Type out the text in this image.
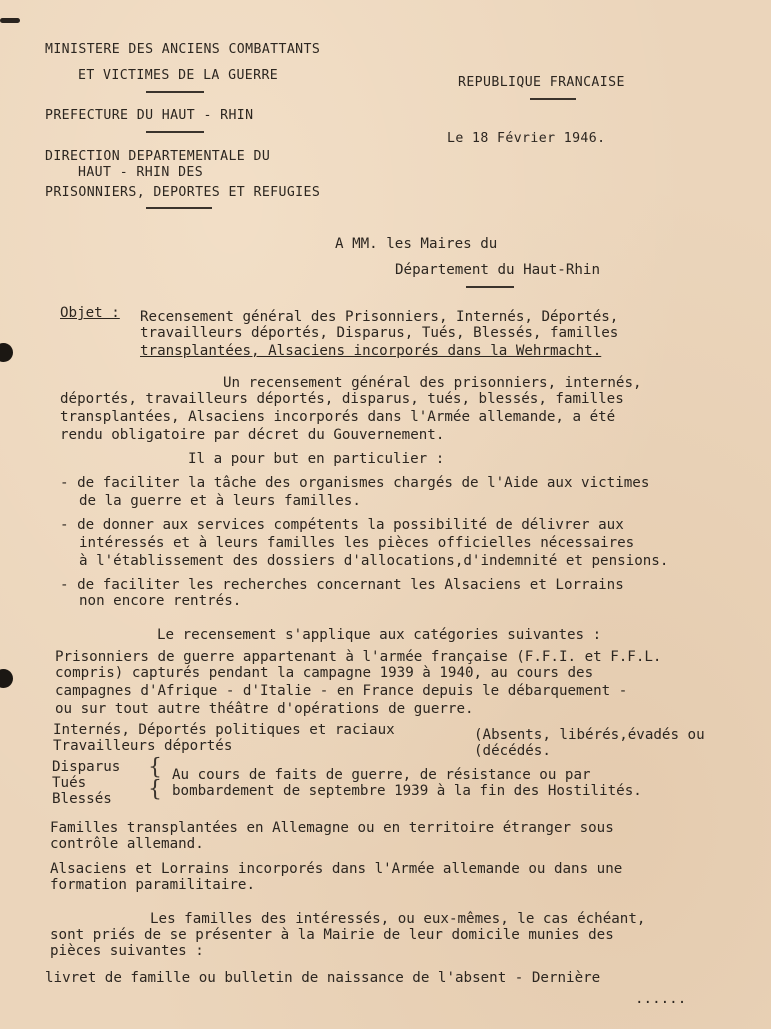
MINISTERE DES ANCIENS COMBATTANTS
ET VICTIMES DE LA GUERRE
PREFECTURE DU HAUT - RHIN
DIRECTION DEPARTEMENTALE DU
HAUT - RHIN DES
PRISONNIERS, DEPORTES ET REFUGIES
REPUBLIQUE FRANCAISE
Le 18 Février 1946.
A MM. les Maires du
Département du Haut-Rhin
Objet : Recensement général des Prisonniers, Internés, Déportés,
travailleurs déportés, Disparus, Tués, Blessés, familles
transplantées, Alsaciens incorporés dans la Wehrmacht.
Un recensement général des prisonniers, internés,
déportés, travailleurs déportés, disparus, tués, blessés, familles
transplantées, Alsaciens incorporés dans l'Armée allemande, a été
rendu obligatoire par décret du Gouvernement.
Il a pour but en particulier :
- de faciliter la tâche des organismes chargés de l'Aide aux victimes
de la guerre et à leurs familles.
- de donner aux services compétents la possibilité de délivrer aux
intéressés et à leurs familles les pièces officielles nécessaires
à l'établissement des dossiers d'allocations,d'indemnité et pensions.
- de faciliter les recherches concernant les Alsaciens et Lorrains
non encore rentrés.
Le recensement s'applique aux catégories suivantes :
Prisonniers de guerre appartenant à l'armée française (F.F.I. et F.F.L.
compris) capturés pendant la campagne 1939 à 1940, au cours des
campagnes d'Afrique - d'Italie - en France depuis le débarquement -
ou sur tout autre théâtre d'opérations de guerre.
Internés, Déportés politiques et raciaux
Travailleurs déportés
(Absents, libérés,évadés ou
(décédés.
Disparus
Tués
Blessés
{
{
Au cours de faits de guerre, de résistance ou par
bombardement de septembre 1939 à la fin des Hostilités.
Familles transplantées en Allemagne ou en territoire étranger sous
contrôle allemand.
Alsaciens et Lorrains incorporés dans l'Armée allemande ou dans une
formation paramilitaire.
Les familles des intéressés, ou eux-mêmes, le cas échéant,
sont priés de se présenter à la Mairie de leur domicile munies des
pièces suivantes :
livret de famille ou bulletin de naissance de l'absent - Dernière
......
